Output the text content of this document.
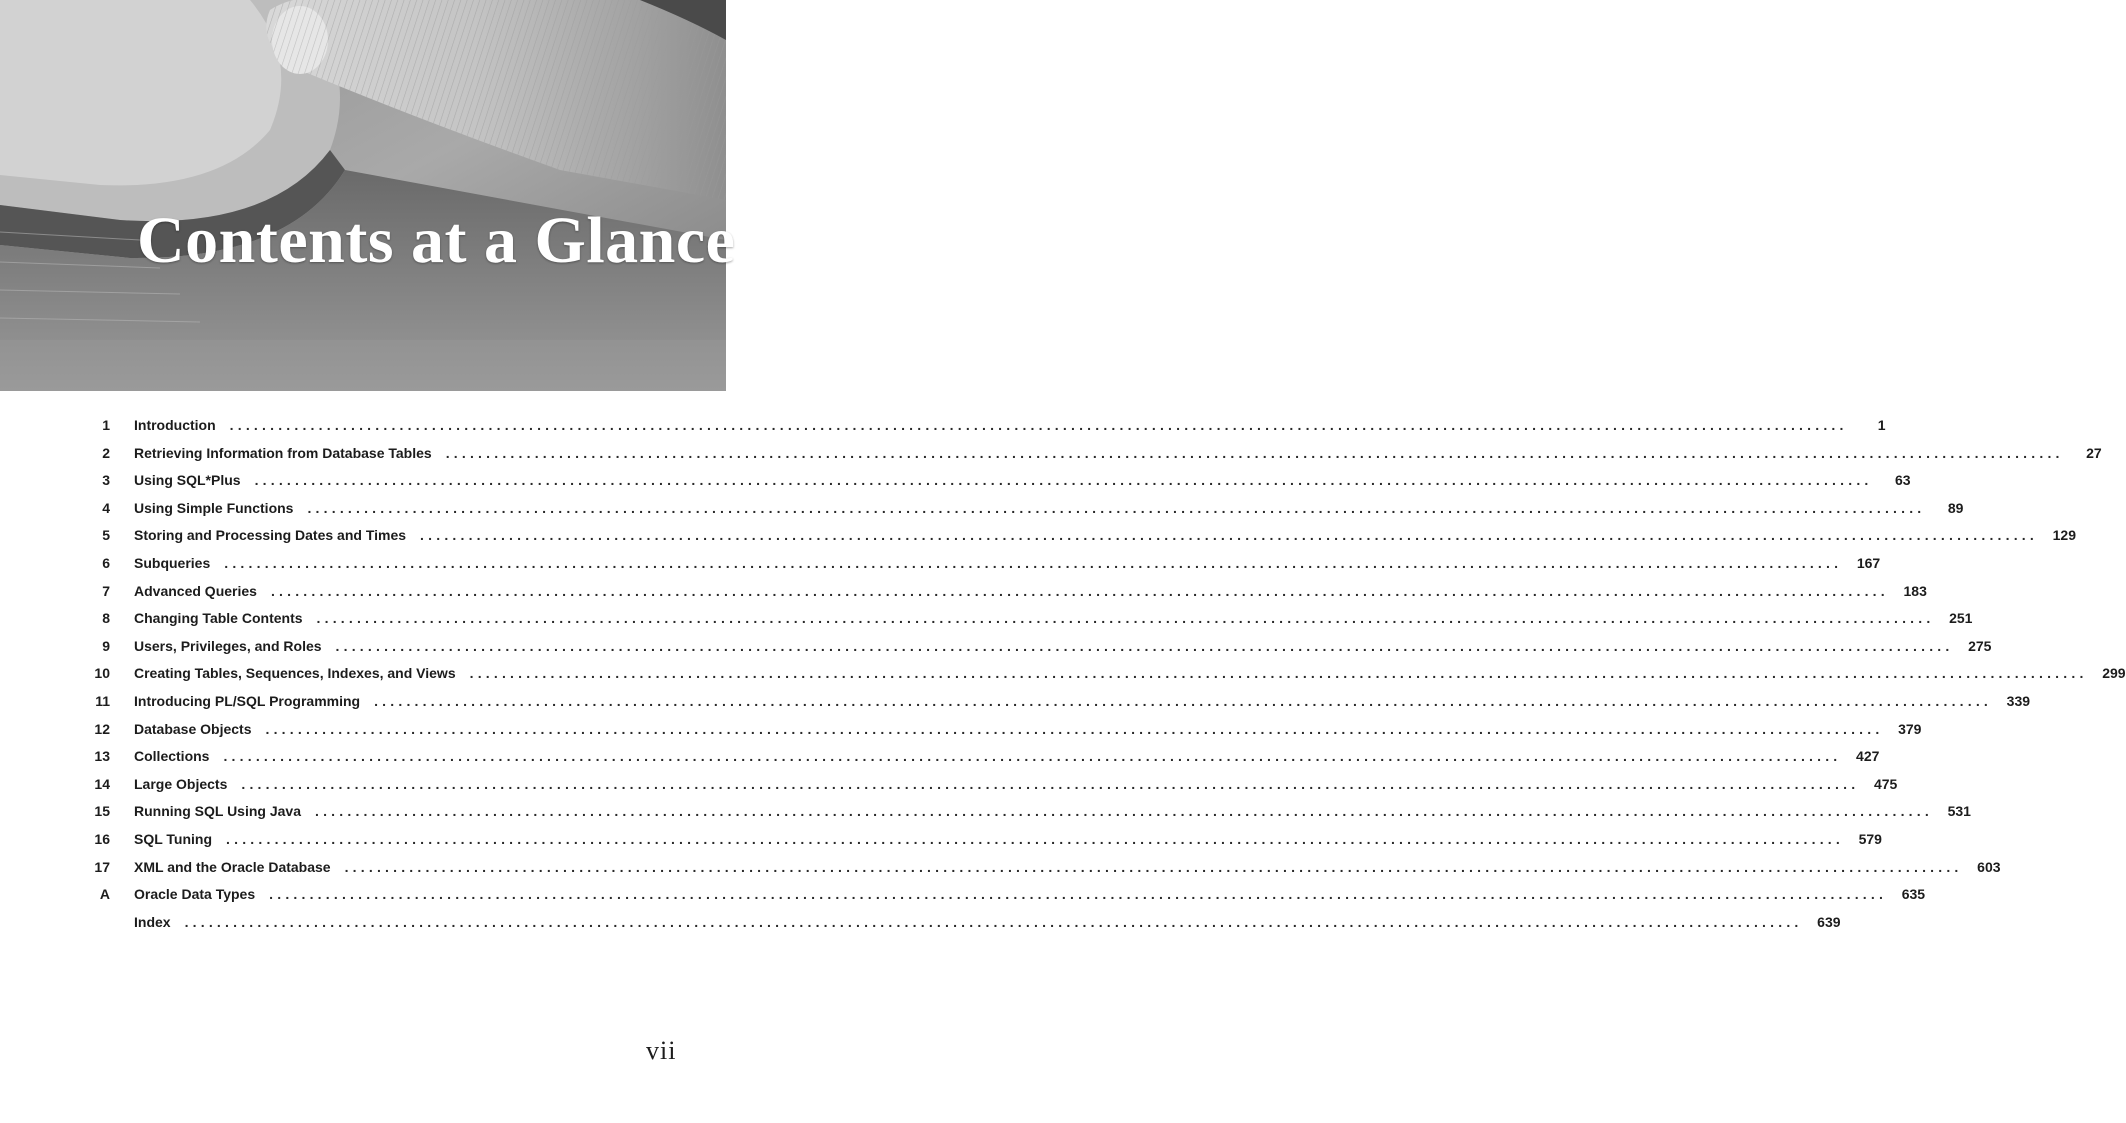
Contents at a Glance
1 Introduction ........................................................................................................................................................................................................	1
2 Retrieving Information from Database Tables ........................................................................................................................................................................................................	27
3 Using SQL*Plus ........................................................................................................................................................................................................	63
4 Using Simple Functions ........................................................................................................................................................................................................	89
5 Storing and Processing Dates and Times ........................................................................................................................................................................................................	129
6 Subqueries ........................................................................................................................................................................................................	167
7 Advanced Queries ........................................................................................................................................................................................................	183
8 Changing Table Contents ........................................................................................................................................................................................................	251
9 Users, Privileges, and Roles ........................................................................................................................................................................................................	275
10 Creating Tables, Sequences, Indexes, and Views ........................................................................................................................................................................................................	299
11 Introducing PL/SQL Programming ........................................................................................................................................................................................................	339
12 Database Objects ........................................................................................................................................................................................................	379
13 Collections ........................................................................................................................................................................................................	427
14 Large Objects ........................................................................................................................................................................................................	475
15 Running SQL Using Java ........................................................................................................................................................................................................	531
16 SQL Tuning ........................................................................................................................................................................................................	579
17 XML and the Oracle Database ........................................................................................................................................................................................................	603
A Oracle Data Types ........................................................................................................................................................................................................	635
Index ........................................................................................................................................................................................................	639
vii
